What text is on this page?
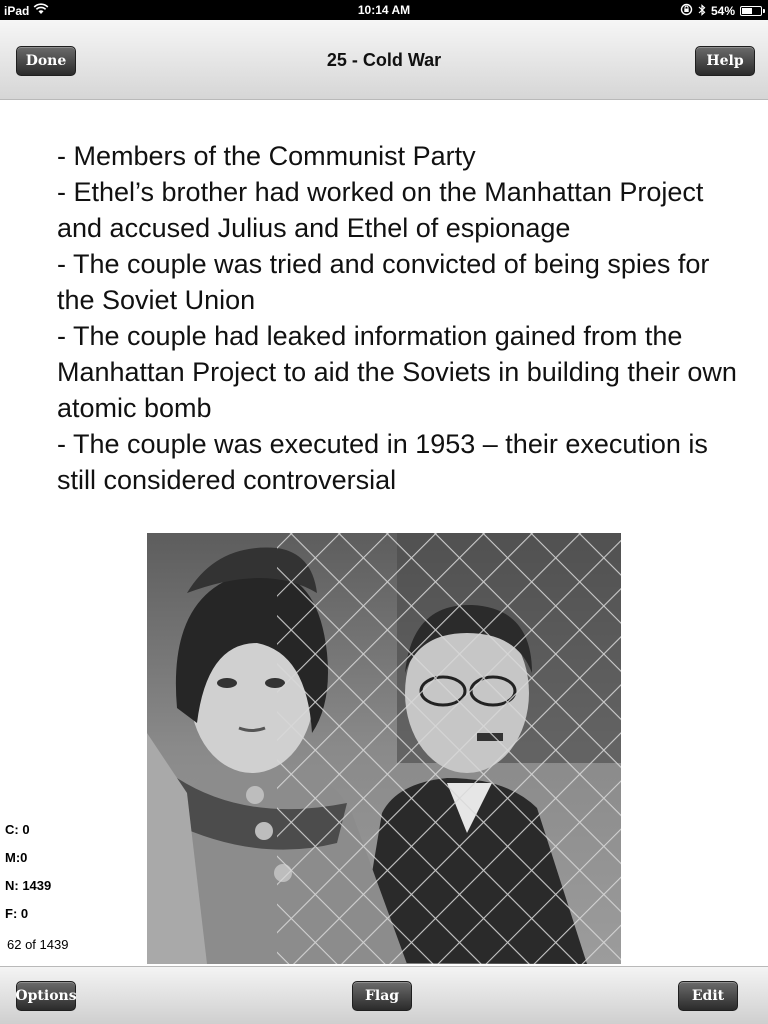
iPad	10:14 AM	54%
Done	25 - Cold War	Help
- Members of the Communist Party
- Ethel’s brother had worked on the Manhattan Project and accused Julius and Ethel of espionage
- The couple was tried and convicted of being spies for the Soviet Union
- The couple had leaked information gained from the Manhattan Project to aid the Soviets in building their own atomic bomb
- The couple was executed in 1953 – their execution is still considered controversial
C: 0
M:0
N: 1439
F: 0
62 of 1439
Options	Flag	Edit
